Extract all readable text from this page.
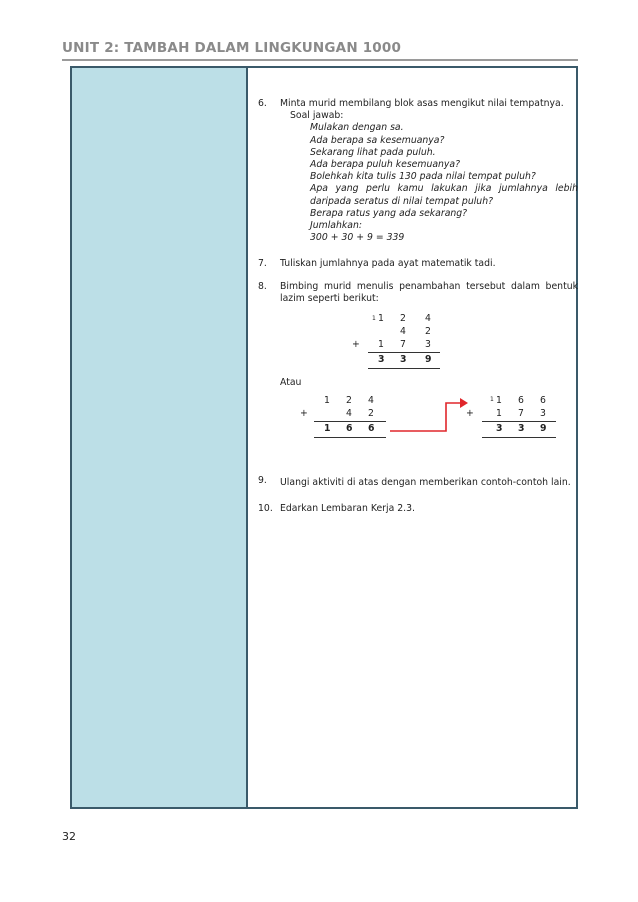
UNIT 2: TAMBAH DALAM LINGKUNGAN 1000
6. Minta murid membilang blok asas mengikut nilai tempatnya.
Soal jawab:
Mulakan dengan sa.
Ada berapa sa kesemuanya?
Sekarang lihat pada puluh.
Ada berapa puluh kesemuanya?
Bolehkah kita tulis 130 pada nilai tempat puluh?
Apa yang perlu kamu lakukan jika jumlahnya lebih daripada seratus di nilai tempat puluh?
Berapa ratus yang ada sekarang?
Jumlahkan:
300 + 30 + 9 = 339
7. Tuliskan jumlahnya pada ayat matematik tadi.
8. Bimbing murid menulis penambahan tersebut dalam bentuk lazim seperti berikut:
1 1 2 4
4 2
+ 1 7 3
3 3 9
Atau
1 2 4
+	4 2
1 6 6
1 1 6 6
+ 1 7 3
3 3 9
9. Ulangi aktiviti di atas dengan memberikan contoh-contoh lain.
10. Edarkan Lembaran Kerja 2.3.
32
